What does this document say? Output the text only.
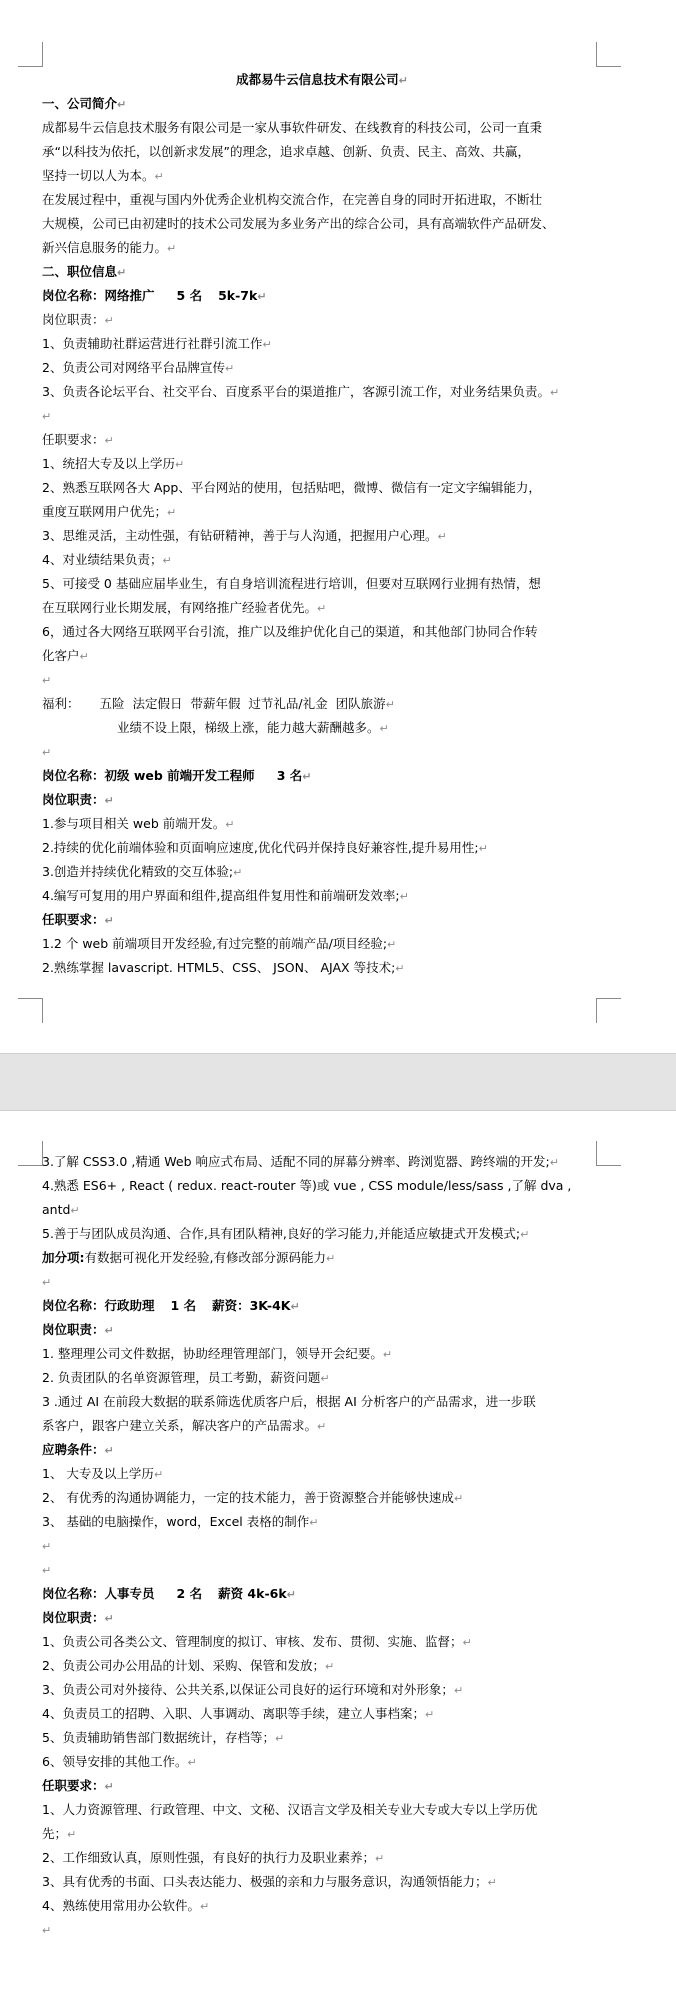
成都易牛云信息技术有限公司↵
一、公司简介↵
成都易牛云信息技术服务有限公司是一家从事软件研发、在线教育的科技公司，公司一直秉
承“以科技为依托，以创新求发展”的理念，追求卓越、创新、负责、民主、高效、共赢，
坚持一切以人为本。↵
在发展过程中，重视与国内外优秀企业机构交流合作，在完善自身的同时开拓进取，不断壮
大规模，公司已由初建时的技术公司发展为多业务产出的综合公司，具有高端软件产品研发、
新兴信息服务的能力。↵
二、职位信息↵
岗位名称：网络推广 5 名 5k-7k↵
岗位职责：↵
1、负责辅助社群运营进行社群引流工作↵
2、负责公司对网络平台品牌宣传↵
3、负责各论坛平台、社交平台、百度系平台的渠道推广，客源引流工作，对业务结果负责。↵
↵
任职要求：↵
1、统招大专及以上学历↵
2、熟悉互联网各大 App、平台网站的使用，包括贴吧，微博、微信有一定文字编辑能力，
重度互联网用户优先；↵
3、思维灵活，主动性强，有钻研精神，善于与人沟通，把握用户心理。↵
4、对业绩结果负责；↵
5、可接受 0 基础应届毕业生，有自身培训流程进行培训，但要对互联网行业拥有热情，想
在互联网行业长期发展，有网络推广经验者优先。↵
6，通过各大网络互联网平台引流，推广以及维护优化自己的渠道，和其他部门协同合作转
化客户↵
↵
福利： 五险 法定假日 带薪年假 过节礼品/礼金 团队旅游↵
业绩不设上限，梯级上涨，能力越大薪酬越多。↵
↵
岗位名称：初级 web 前端开发工程师 3 名↵
岗位职责：↵
1.参与项目相关 web 前端开发。↵
2.持续的优化前端体验和页面响应速度,优化代码并保持良好兼容性,提升易用性;↵
3.创造并持续优化精致的交互体验;↵
4.编写可复用的用户界面和组件,提高组件复用性和前端研发效率;↵
任职要求：↵
1.2 个 web 前端项目开发经验,有过完整的前端产品/项目经验;↵
2.熟练掌握 lavascript. HTML5、CSS、 JSON、 AJAX 等技术;↵
3.了解 CSS3.0 ,精通 Web 响应式布局、适配不同的屏幕分辨率、跨浏览器、跨终端的开发;↵
4.熟悉 ES6+ , React ( redux. react-router 等)或 vue , CSS module/less/sass ,了解 dva ,
antd↵
5.善于与团队成员沟通、合作,具有团队精神,良好的学习能力,并能适应敏捷式开发模式;↵
加分项:有数据可视化开发经验,有修改部分源码能力↵
↵
岗位名称：行政助理 1 名 薪资：3K-4K↵
岗位职责：↵
1. 整理理公司文件数据，协助经理管理部门，领导开会纪要。↵
2. 负责团队的名单资源管理，员工考勤，薪资问题↵
3 .通过 AI 在前段大数据的联系筛选优质客户后，根据 AI 分析客户的产品需求，进一步联
系客户，跟客户建立关系，解决客户的产品需求。↵
应聘条件：↵
1、 大专及以上学历↵
2、 有优秀的沟通协调能力，一定的技术能力，善于资源整合并能够快速成↵
3、 基础的电脑操作，word，Excel 表格的制作↵
↵
↵
岗位名称：人事专员 2 名 薪资 4k-6k↵
岗位职责：↵
1、负责公司各类公文、管理制度的拟订、审核、发布、贯彻、实施、监督；↵
2、负责公司办公用品的计划、采购、保管和发放；↵
3、负责公司对外接待、公共关系,以保证公司良好的运行环境和对外形象；↵
4、负责员工的招聘、入职、人事调动、离职等手续，建立人事档案；↵
5、负责辅助销售部门数据统计，存档等；↵
6、领导安排的其他工作。↵
任职要求：↵
1、人力资源管理、行政管理、中文、文秘、汉语言文学及相关专业大专或大专以上学历优
先；↵
2、工作细致认真，原则性强，有良好的执行力及职业素养；↵
3、具有优秀的书面、口头表达能力、极强的亲和力与服务意识，沟通领悟能力；↵
4、熟练使用常用办公软件。↵
↵
